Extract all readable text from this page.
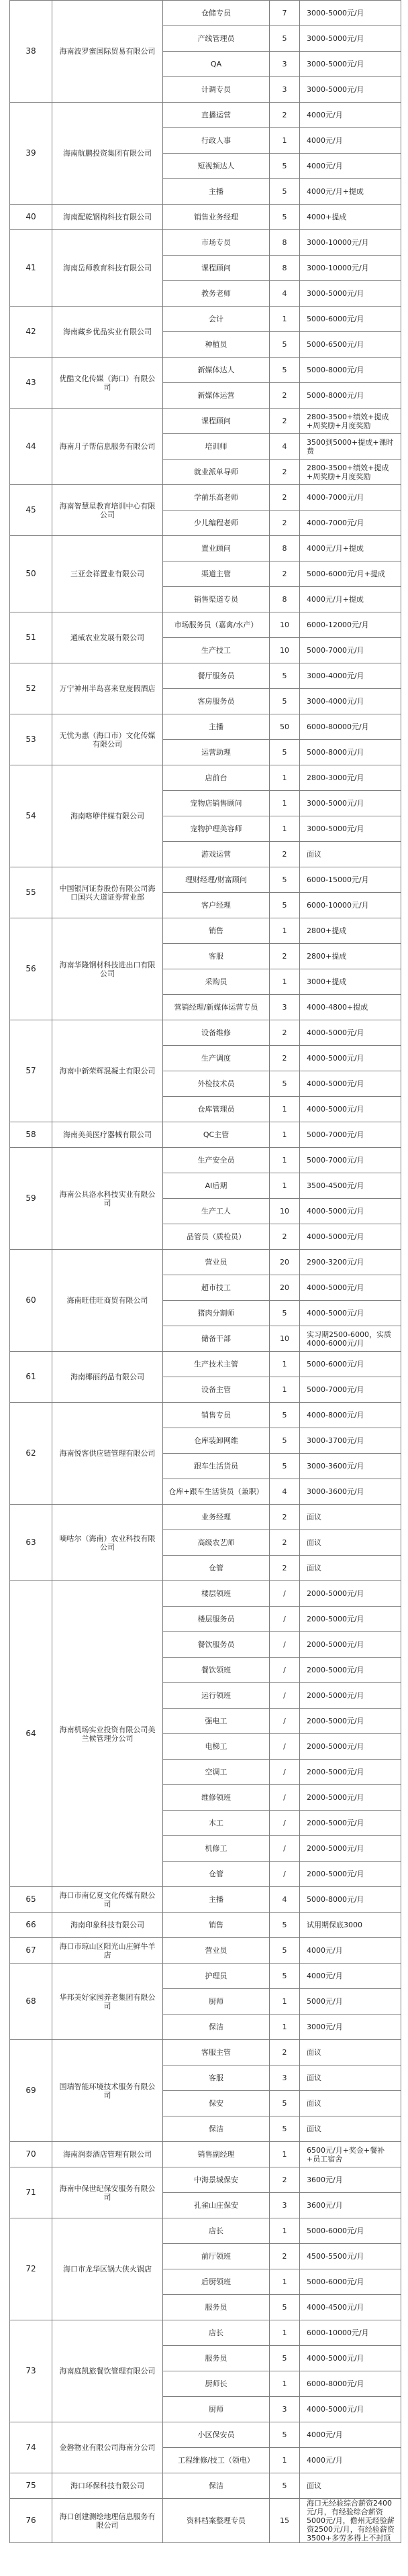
38	海南波罗蜜国际贸易有限公司	仓储专员	7	3000-5000元/月
		产线管理员	5	3000-5000元/月
		QA	3	3000-5000元/月
		计调专员	3	3000-5000元/月
39	海南航鹏投资集团有限公司	直播运营	2	4000元/月
		行政人事	1	4000元/月
		短视频达人	5	4000元/月
		主播	5	4000元/月+提成
40	海南配乾钢构科技有限公司	销售业务经理	5	4000+提成
41	海南岳师教育科技有限公司	市场专员	8	3000-10000元/月
		课程顾问	8	3000-10000元/月
		教务老师	4	3000-5000元/月
42	海南藏乡优品实业有限公司	会计	1	5000-6000元/月
		种植员	5	5000-6500元/月
43	优酷文化传媒（海口）有限公司	新媒体达人	5	5000-8000元/月
		新媒体运营	2	5000-8000元/月
44	海南月子帮信息服务有限公司	课程顾问	2	2800-3500+绩效+提成+周奖励+月度奖励
		培训师	4	3500到5000+提成+课时费
		就业派单导师	2	2800-3500+绩效+提成+周奖励+月度奖励
45	海南智慧星教育培训中心有限公司	学前乐高老师	2	4000-7000元/月
		少儿编程老师	2	4000-7000元/月
50	三亚金祥置业有限公司	置业顾问	8	4000元/月+提成
		渠道主管	2	5000-6000元/月+提成
		销售渠道专员	8	4000元/月+提成
51	通威农业发展有限公司	市场服务员（嘉禽/水产）	10	6000-12000元/月
		生产技工	10	5000-7000元/月
52	万宁神州半岛喜来登度假酒店	餐厅服务员	5	3000-4000元/月
		客房服务员	5	3000-4000元/月
53	无忧为惠（海口市）文化传媒有限公司	主播	50	6000-80000元/月
		运营助理	5	5000-8000元/月
54	海南咯咿伴媒有限公司	店前台	1	2800-3000元/月
		宠物店销售顾问	1	3000-5000元/月
		宠物护理美容师	1	3000-5000元/月
		游戏运营	2	面议
55	中国银河证券股份有限公司海口国兴大道证券营业部	理财经理/财富顾问	5	6000-15000元/月
		客户经理	5	6000-10000元/月
56	海南华隆钢材科技进出口有限公司	销售	1	2800+提成
		客服	2	2800+提成
		采购员	1	3000+提成
		营销经理/新媒体运营专员	3	4000-4800+提成
57	海南中新荣辉混凝土有限公司	设备维修	2	4000-5000元/月
		生产调度	2	4000-5000元/月
		外检技术员	5	4000-5000元/月
		仓库管理员	1	4000-5000元/月
58	海南美美医疗器械有限公司	QC主管	1	5000-7000元/月
59	海南公具洛水科技实业有限公司	生产安全员	1	5000-7000元/月
		AI后期	1	3500-4500元/月
		生产工人	10	4000-5000元/月
		品管员（质检员）	2	4000-5000元/月
60	海南旺佳旺商贸有限公司	营业员	20	2900-3200元/月
		超市技工	20	4000-5000元/月
		猪肉分割师	5	4000-5000元/月
		储备干部	10	实习期2500-6000，实质4000-6000元/月
61	海南椰丽药品有限公司	生产技术主管	1	5000-6000元/月
		设备主管	1	5000-7000元/月
62	海南悦客供应链管理有限公司	销售专员	5	4000-8000元/月
		仓库装卸网维	5	3000-3700元/月
		跟车生活货员	5	3000-3600元/月
		仓库+跟车生活货员（兼职）	4	3000-3600元/月
63	嘀咕尔（海南）农业科技有限公司	业务经理	2	面议
		高级农艺师	2	面议
		仓管	2	面议
64	海南机场实业投资有限公司美兰候管理分公司	楼层领班	/	2000-5000元/月
		楼层服务员	/	2000-5000元/月
		餐饮服务员	/	2000-5000元/月
		餐饮领班	/	2000-5000元/月
		运行领班	/	2000-5000元/月
		强电工	/	2000-5000元/月
		电梯工	/	2000-5000元/月
		空调工	/	2000-5000元/月
		维修领班	/	2000-5000元/月
		木工	/	2000-5000元/月
		机修工	/	2000-5000元/月
		仓管	/	2000-5000元/月
65	海口市南亿夏文化传媒有限公司	主播	4	5000-8000元/月
66	海南印象科技有限公司	销售	5	试用期保底3000
67	海口市琼山区阳光山庄鲜牛羊店	营业员	5	4000元/月
68	华邦美好家园养老集团有限公司	护理员	5	4000元/月
		厨师	1	5000元/月
		保洁	1	3000元/月
69	国瑞智能环境技术服务有限公司	客服主管	2	面议
		客服	3	面议
		保安	5	面议
		保洁	5	面议
70	海南润泰酒店管理有限公司	销售副经理	1	6500元/月+奖金+餐补+员工宿舍
71	海南中保世纪保安服务有限公司	中海景城保安	2	3600元/月
		孔雀山庄保安	3	3600元/月
72	海口市龙华区锅大侠火锅店	店长	1	5000-6000元/月
		前厅领班	2	4500-5500元/月
		后厨领班	1	5000-6000元/月
		服务员	5	4000-4500元/月
73	海南庭凯旅餐饮管理有限公司	店长	1	6000-10000元/月
		服务员	5	4000-5000元/月
		厨师长	1	6000-8000元/月
		厨师	3	4000-5000元/月
74	金磐物业有限公司海南分公司	小区保安员	5	4000元/月
		工程维修/技工（领电）	1	4000元/月
75	海口环保科技有限公司	保洁	5	面议
76	海口创建测绘地理信息服务有限公司	资料档案整理专员	15	海口无经验综合薪资2400元/月，有经验综合薪资5000元/月，儋州无经验薪资2500元/月，有经验薪资3500+多劳多得上不封顶
